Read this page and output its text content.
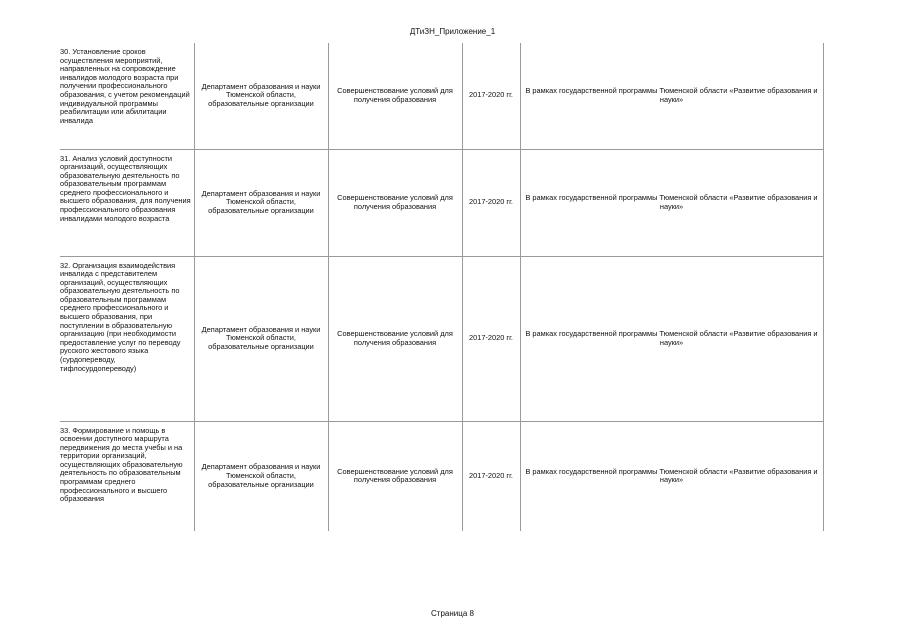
ДТиЗН_Приложение_1
30. Установление сроков осуществления мероприятий, направленных на сопровождение инвалидов молодого возраста при получении профессионального образования, с учетом рекомендаций индивидуальной программы реабилитации или абилитации инвалида	Департамент образования и науки Тюменской области, образовательные организации	Совершенствование условий для получения образования	2017-2020 гг.	В рамках государственной программы Тюменской области «Развитие образования и науки»

31. Анализ условий доступности организаций, осуществляющих образовательную деятельность по образовательным программам среднего профессионального и высшего образования, для получения профессионального образования инвалидами молодого возраста	Департамент образования и науки Тюменской области, образовательные организации	Совершенствование условий для получения образования	2017-2020 гг.	В рамках государственной программы Тюменской области «Развитие образования и науки»

32. Организация взаимодействия инвалида с представителем организаций, осуществляющих образовательную деятельность по образовательным программам среднего профессионального и высшего образования, при поступлении в образовательную организацию (при необходимости предоставление услуг по переводу русского жестового языка (сурдопереводу, тифлосурдопереводу)	Департамент образования и науки Тюменской области, образовательные организации	Совершенствование условий для получения образования	2017-2020 гг.	В рамках государственной программы Тюменской области «Развитие образования и науки»

33. Формирование и помощь в освоении доступного маршрута передвижения до места учебы и на территории организаций, осуществляющих образовательную деятельность по образовательным программам среднего профессионального и высшего образования	Департамент образования и науки Тюменской области, образовательные организации	Совершенствование условий для получения образования	2017-2020 гг.	В рамках государственной программы Тюменской области «Развитие образования и науки»
Страница 8
